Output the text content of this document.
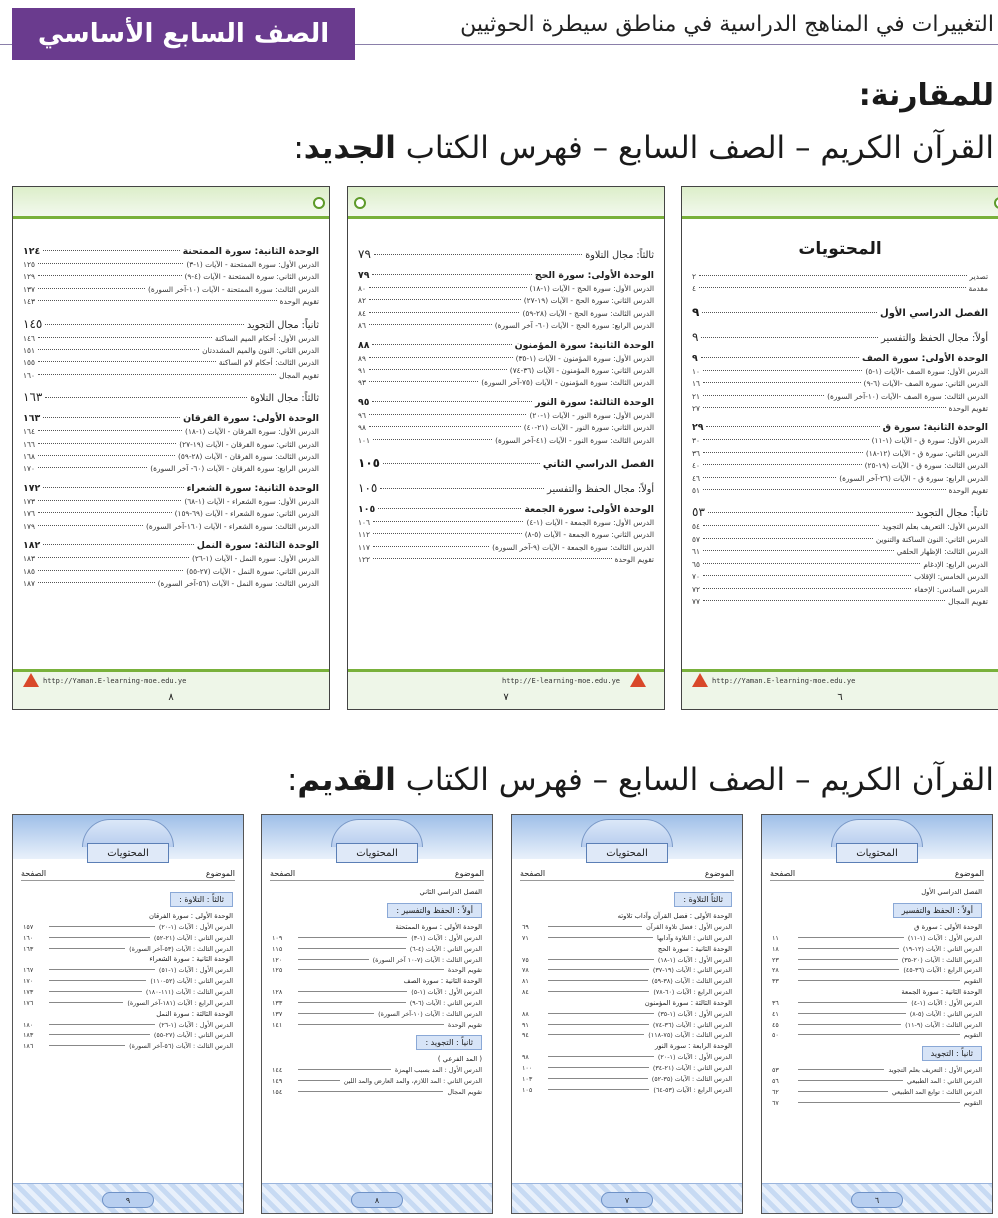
الصف السابع الأساسي	التغييرات في المناهج الدراسية في مناطق سيطرة الحوثيين
للمقارنة:
القرآن الكريم – الصف السابع – فهرس الكتاب الجديد:
المحتويات
تصدير
٢
مقدمة
٤
الفصل الدراسي الأول
٩
أولاً: مجال الحفظ والتفسير
٩
الوحدة الأولى: سورة الصف
٩
الدرس الأول: سورة الصف -الآيات (١-٥)
١٠
الدرس الثاني: سورة الصف -الآيات (٦-٩)
١٦
الدرس الثالث: سورة الصف -الآيات (١٠-آخر السورة)
٢١
تقويم الوحدة
٢٧
الوحدة الثانية: سورة ق
٢٩
الدرس الأول: سورة ق - الآيات (١-١١)
٣٠
الدرس الثاني: سورة ق - الآيات (١٢-١٨)
٣٦
الدرس الثالث: سورة ق - الآيات (١٩-٢٥)
٤٠
الدرس الرابع: سورة ق - الآيات (٢٦-آخر السورة)
٤٦
تقويم الوحدة
٥١
ثانياً: مجال التجويد
٥٣
الدرس الأول: التعريف بعلم التجويد
٥٤
الدرس الثاني: النون الساكنة والتنوين
٥٧
الدرس الثالث: الإظهار الحلقي
٦١
الدرس الرابع: الإدغام
٦٥
الدرس الخامس: الإقلاب
٧٠
الدرس السادس: الإخفاء
٧٢
تقويم المجال
٧٧
http://Yaman.E-learning-moe.edu.ye
٦
ثالثاً: مجال التلاوة
٧٩
الوحدة الأولى: سورة الحج
٧٩
الدرس الأول: سورة الحج - الآيات (١-١٨)
٨٠
الدرس الثاني: سورة الحج - الآيات (١٩-٢٧)
٨٢
الدرس الثالث: سورة الحج - الآيات (٢٨-٥٩)
٨٤
الدرس الرابع: سورة الحج - الآيات (٦٠- آخر السورة)
٨٦
الوحدة الثانية: سورة المؤمنون
٨٨
الدرس الأول: سورة المؤمنون - الآيات (١-٣٥)
٨٩
الدرس الثاني: سورة المؤمنون - الآيات (٣٦-٧٤)
٩١
الدرس الثالث: سورة المؤمنون - الآيات (٧٥-آخر السورة)
٩٣
الوحدة الثالثة: سورة النور
٩٥
الدرس الأول: سورة النور - الآيات (١-٢٠)
٩٦
الدرس الثاني: سورة النور - الآيات (٢١-٤٠)
٩٨
الدرس الثالث: سورة النور - الآيات (٤١-آخر السورة)
١٠١
الفصل الدراسي الثاني
١٠٥
أولاً: مجال الحفظ والتفسير
١٠٥
الوحدة الأولى: سورة الجمعة
١٠٥
الدرس الأول: سورة الجمعة - الآيات (١-٤)
١٠٦
الدرس الثاني: سورة الجمعة - الآيات (٥-٨)
١١٢
الدرس الثالث: سورة الجمعة - الآيات (٩-آخر السورة)
١١٧
تقويم الوحدة
١٢٢
http://E-learning-moe.edu.ye
٧
الوحدة الثانية: سورة الممتحنة
١٢٤
الدرس الأول: سورة الممتحنة - الآيات (١-٣)
١٢٥
الدرس الثاني: سورة الممتحنة - الآيات (٤-٩)
١٢٩
الدرس الثالث: سورة الممتحنة - الآيات (١٠-آخر السورة)
١٣٧
تقويم الوحدة
١٤٣
ثانياً: مجال التجويد
١٤٥
الدرس الأول: أحكام الميم الساكنة
١٤٦
الدرس الثاني: النون والميم المشددتان
١٥١
الدرس الثالث: أحكام لام الساكنة
١٥٥
تقويم المجال
١٦٠
ثالثاً: مجال التلاوة
١٦٣
الوحدة الأولى: سورة الفرقان
١٦٣
الدرس الأول: سورة الفرقان - الآيات (١-١٨)
١٦٤
الدرس الثاني: سورة الفرقان - الآيات (١٩-٢٧)
١٦٦
الدرس الثالث: سورة الفرقان - الآيات (٢٨-٥٩)
١٦٨
الدرس الرابع: سورة الفرقان - الآيات (٦٠- آخر السورة)
١٧٠
الوحدة الثانية: سورة الشعراء
١٧٢
الدرس الأول: سورة الشعراء - الآيات (١-٦٨)
١٧٣
الدرس الثاني: سورة الشعراء - الآيات (٦٩-١٥٩)
١٧٦
الدرس الثالث: سورة الشعراء - الآيات (١٦٠-آخر السورة)
١٧٩
الوحدة الثالثة: سورة النمل
١٨٢
الدرس الأول: سورة النمل - الآيات (١-٢٦)
١٨٣
الدرس الثاني: سورة النمل - الآيات (٢٧-٥٥)
١٨٥
الدرس الثالث: سورة النمل - الآيات (٥٦-آخر السورة)
١٨٧
http://Yaman.E-learning-moe.edu.ye
٨
القرآن الكريم – الصف السابع – فهرس الكتاب القديم:
المحتويات
الموضوع
الصفحة
الفصل الدراسي الأول
أولاً : الحفظ والتفسير
الوحدة الأولى : سورة ق
الدرس الأول : الآيات (١-١١)
١١
الدرس الثاني : الآيات (١٢-١٩)
١٨
الدرس الثالث : الآيات (٢٠-٣٥)
٢٣
الدرس الرابع : الآيات (٣٦-٤٥)
٢٨
التقويم
٣٣
الوحدة الثانية : سورة الجمعة
الدرس الأول : الآيات (١-٤)
٣٦
الدرس الثاني : الآيات (٥-٨)
٤١
الدرس الثالث : الآيات (٩-١١)
٤٥
التقويم
٥٠
ثانياً : التجويد
الدرس الأول : التعريف بعلم التجويد
٥٣
الدرس الثاني : المد الطبيعي
٥٦
الدرس الثالث : توابع المد الطبيعي
٦٢
التقويم
٦٧
٦
المحتويات
الموضوع
الصفحة
ثالثاً التلاوة :
الوحدة الأولى : فضل القرآن وآداب تلاوته
الدرس الأول : فضل تلاوة القرآن
٦٩
الدرس الثاني : التلاوة وآدابها
٧١
الوحدة الثانية : سورة الحج
الدرس الأول : الآيات (١-١٨)
٧٥
الدرس الثاني : الآيات (١٩-٣٧)
٧٨
الدرس الثالث : الآيات (٣٨-٥٩)
٨١
الدرس الرابع : الآيات (٦٠-٧٨)
٨٤
الوحدة الثالثة : سورة المؤمنون
الدرس الأول : الآيات (١-٣٥)
٨٨
الدرس الثاني : الآيات (٣٦-٧٤)
٩١
الدرس الثالث : الآيات (٧٥-١١٨)
٩٤
الوحدة الرابعة : سورة النور
الدرس الأول : الآيات (١-٢٠)
٩٨
الدرس الثاني : الآيات (٢١-٣٤)
١٠٠
الدرس الثالث : الآيات (٣٥-٥٢)
١٠٣
الدرس الرابع : الآيات (٥٣-٦٤)
١٠٥
٧
المحتويات
الموضوع
الصفحة
الفصل الدراسي الثاني
أولاً : الحفظ والتفسير :
الوحدة الأولى : سورة الممتحنة
الدرس الأول : الآيات (١-٣)
١٠٩
الدرس الثاني : الآيات (٤-٦)
١١٥
الدرس الثالث : الآيات (٧-١٠ آخر السورة)
١٢٠
تقويم الوحدة
١٢٥
الوحدة الثانية : سورة الصف
الدرس الأول : الآيات (١-٥)
١٢٨
الدرس الثاني : الآيات (٦-٩)
١٣٣
الدرس الثالث : الآيات (١٠-آخر السورة)
١٣٧
تقويم الوحدة
١٤١
ثانياً : التجويد :
( المد الفرعي )
الدرس الأول : المد بسبب الهمزة
١٤٤
الدرس الثاني : المد اللازم، والمد العارض والمد اللين
١٤٩
تقويم المجال
١٥٤
٨
المحتويات
الموضوع
الصفحة
ثالثاً : التلاوة :
الوحدة الأولى : سورة الفرقان
الدرس الأول : الآيات (١-٢٠)
١٥٧
الدرس الثاني : الآيات (٢١-٥٢)
١٦٠
الدرس الثالث : الآيات (٥٣-آخر السورة)
١٦٣
الوحدة الثانية : سورة الشعراء
الدرس الأول : الآيات (١-٥١)
١٦٧
الدرس الثاني : الآيات (٥٢-١١٠)
١٧٠
الدرس الثالث : الآيات (١١١-١٨٠)
١٧٣
الدرس الرابع : الآيات (١٨١-آخر السورة)
١٧٦
الوحدة الثالثة : سورة النمل
الدرس الأول : الآيات (١-٢٦)
١٨٠
الدرس الثاني : الآيات (٢٧-٥٥)
١٨٣
الدرس الثالث : الآيات (٥٦-آخر السورة)
١٨٦
٩
